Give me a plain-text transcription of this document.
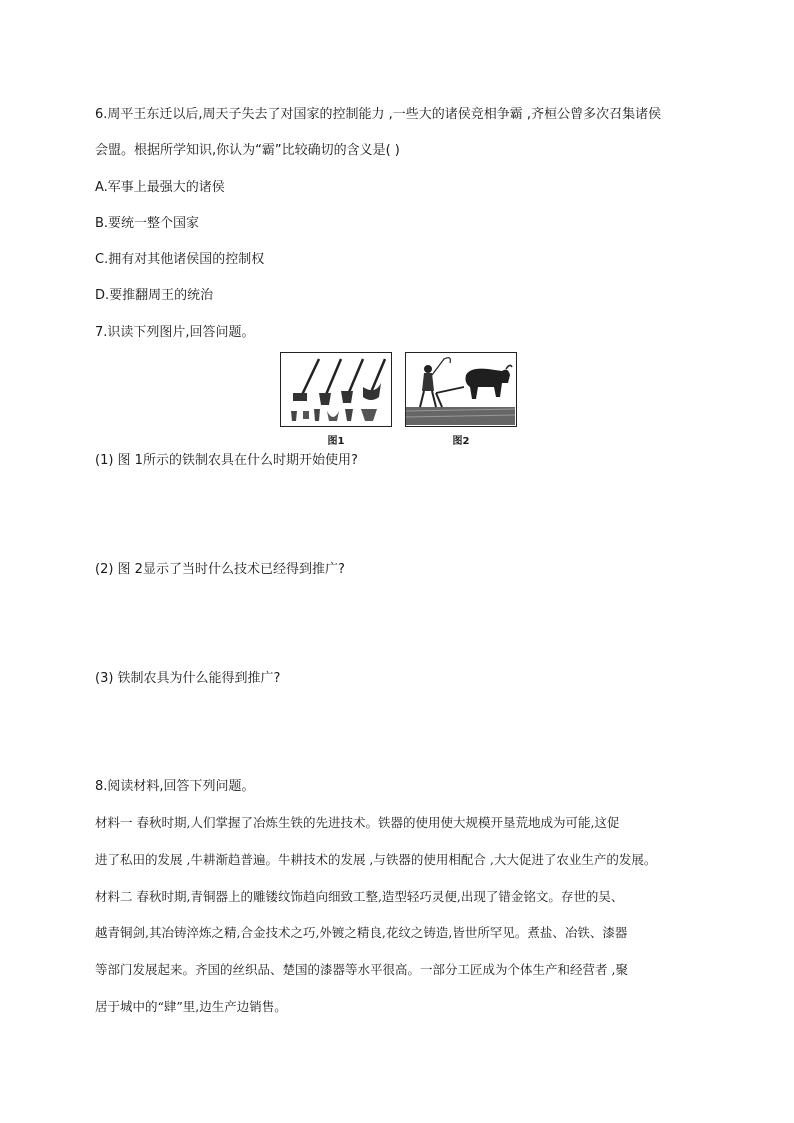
6.周平王东迁以后,周天子失去了对国家的控制能力 ,一些大的诸侯竞相争霸 ,齐桓公曾多次召集诸侯
会盟。根据所学知识,你认为“霸”比较确切的含义是( )
A.军事上最强大的诸侯
B.要统一整个国家
C.拥有对其他诸侯国的控制权
D.要推翻周王的统治
7.识读下列图片,回答问题。
图1	图2
(1) 图 1所示的铁制农具在什么时期开始使用?
(2) 图 2显示了当时什么技术已经得到推广?
(3) 铁制农具为什么能得到推广?
8.阅读材料,回答下列问题。
材料一 春秋时期,人们掌握了冶炼生铁的先进技术。铁器的使用使大规模开垦荒地成为可能,这促
进了私田的发展 ,牛耕渐趋普遍。牛耕技术的发展 ,与铁器的使用相配合 ,大大促进了农业生产的发展。
材料二 春秋时期,青铜器上的雕镂纹饰趋向细致工整,造型轻巧灵便,出现了错金铭文。存世的吴、
越青铜剑,其冶铸淬炼之精,合金技术之巧,外镀之精良,花纹之铸造,皆世所罕见。煮盐、冶铁、漆器
等部门发展起来。齐国的丝织品、楚国的漆器等水平很高。一部分工匠成为个体生产和经营者 ,聚
居于城中的“肆”里,边生产边销售。
